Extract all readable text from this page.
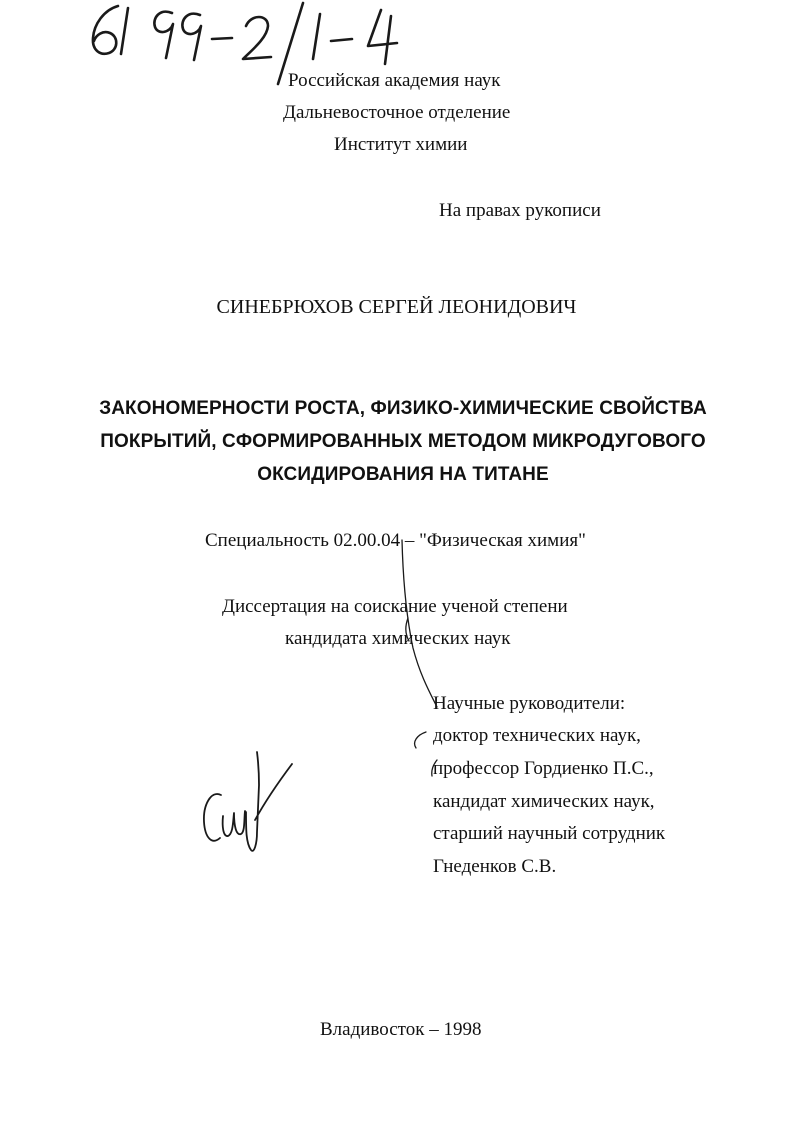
Российская академия наук
Дальневосточное отделение
Институт химии
На правах рукописи
СИНЕБРЮХОВ СЕРГЕЙ ЛЕОНИДОВИЧ
ЗАКОНОМЕРНОСТИ РОСТА, ФИЗИКО-ХИМИЧЕСКИЕ СВОЙСТВА
ПОКРЫТИЙ, СФОРМИРОВАННЫХ МЕТОДОМ МИКРОДУГОВОГО
ОКСИДИРОВАНИЯ НА ТИТАНЕ
Специальность 02.00.04 – "Физическая химия"
Диссертация на соискание ученой степени
кандидата химических наук
Научные руководители:
доктор технических наук,
профессор Гордиенко П.С.,
кандидат химических наук,
старший научный сотрудник
Гнеденков С.В.
Владивосток – 1998
